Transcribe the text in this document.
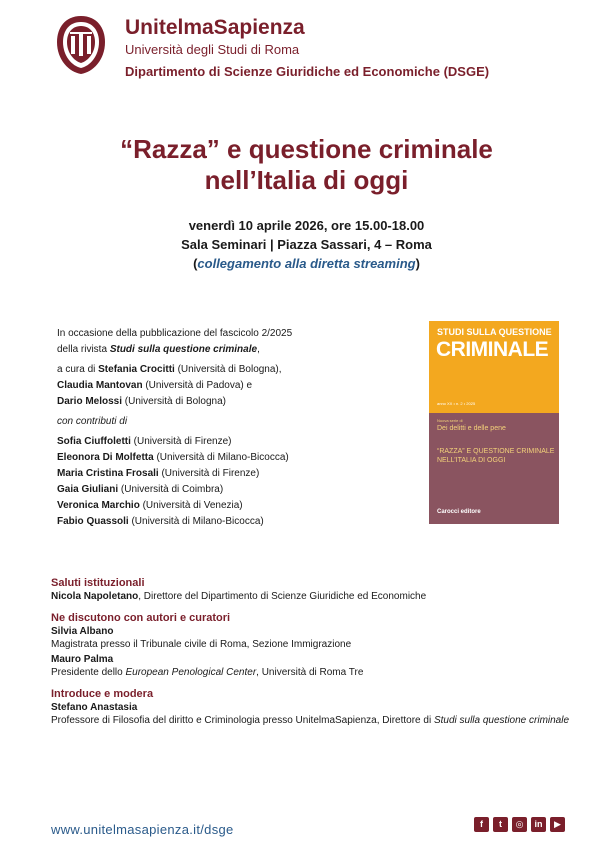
UnitelmaSapienza
Università degli Studi di Roma
Dipartimento di Scienze Giuridiche ed Economiche (DSGE)
“Razza” e questione criminale
nell’Italia di oggi
venerdì 10 aprile 2026, ore 15.00-18.00
Sala Seminari | Piazza Sassari, 4 – Roma
(collegamento alla diretta streaming)
In occasione della pubblicazione del fascicolo 2/2025
della rivista Studi sulla questione criminale,
a cura di Stefania Crocitti (Università di Bologna),
Claudia Mantovan (Università di Padova) e
Dario Melossi (Università di Bologna)
con contributi di
Sofia Ciuffoletti (Università di Firenze)
Eleonora Di Molfetta (Università di Milano-Bicocca)
Maria Cristina Frosali (Università di Firenze)
Gaia Giuliani (Università di Coimbra)
Veronica Marchio (Università di Venezia)
Fabio Quassoli (Università di Milano-Bicocca)
STUDI SULLA QUESTIONE
CRIMINALE
anno XX • n. 2 • 2025
Nuova serie di
Dei delitti e delle pene
“RAZZA” E QUESTIONE CRIMINALE NELL’ITALIA DI OGGI
Carocci editore
Saluti istituzionali
Nicola Napoletano, Direttore del Dipartimento di Scienze Giuridiche ed Economiche
Ne discutono con autori e curatori
Silvia Albano
Magistrata presso il Tribunale civile di Roma, Sezione Immigrazione
Mauro Palma
Presidente dello European Penological Center, Università di Roma Tre
Introduce e modera
Stefano Anastasia
Professore di Filosofia del diritto e Criminologia presso UnitelmaSapienza, Direttore di Studi sulla questione criminale
www.unitelmasapienza.it/dsge	f	t	◎	in	▶
